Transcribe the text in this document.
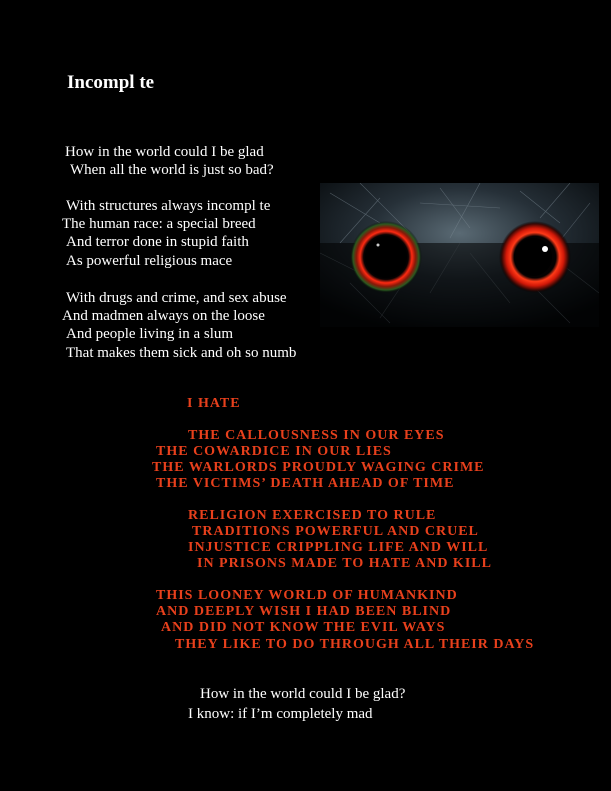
Incompl te
How in the world could I be glad
When all the world is just so bad?
With structures always incompl te
The human race: a special breed
And terror done in stupid faith
As powerful religious mace
With drugs and crime, and sex abuse
And madmen always on the loose
And people living in a slum
That makes them sick and oh so numb
I HATE
THE CALLOUSNESS IN OUR EYES
THE COWARDICE IN OUR LIES
THE WARLORDS PROUDLY WAGING CRIME
THE VICTIMS’ DEATH AHEAD OF TIME
RELIGION EXERCISED TO RULE
TRADITIONS POWERFUL AND CRUEL
INJUSTICE CRIPPLING LIFE AND WILL
IN PRISONS MADE TO HATE AND KILL
THIS LOONEY WORLD OF HUMANKIND
AND DEEPLY WISH I HAD BEEN BLIND
AND DID NOT KNOW THE EVIL WAYS
THEY LIKE TO DO THROUGH ALL THEIR DAYS
How in the world could I be glad?
I know: if I’m completely mad
